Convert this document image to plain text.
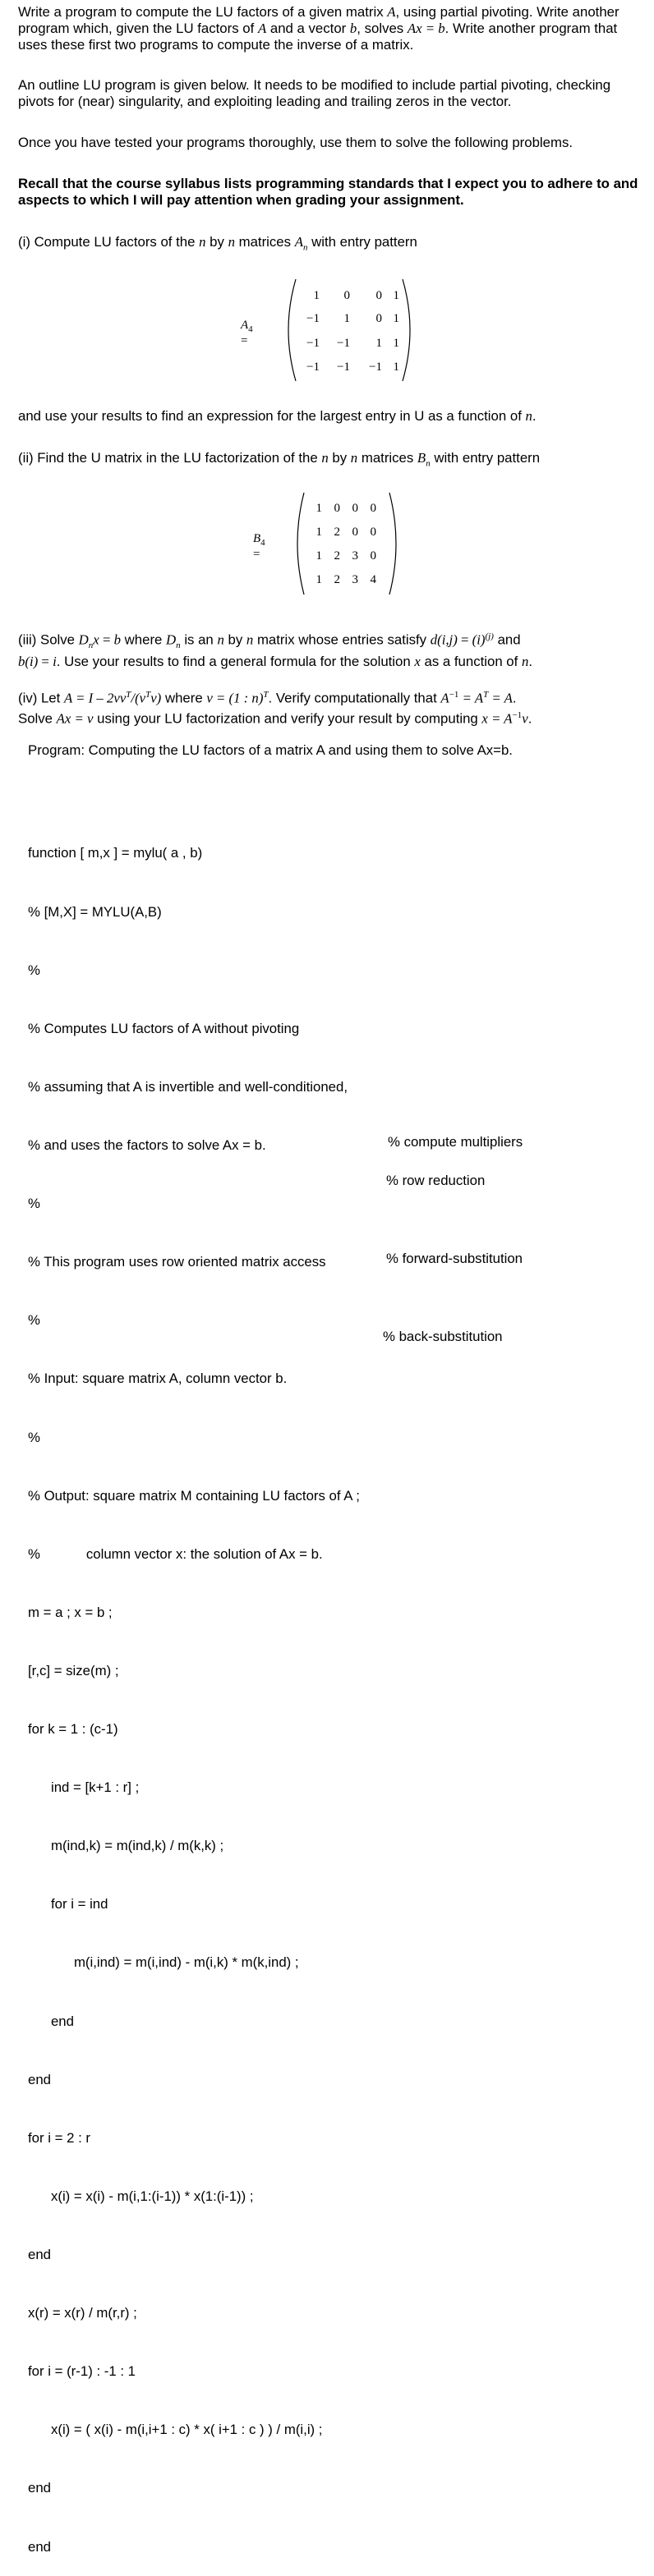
Write a program to compute the LU factors of a given matrix A, using partial pivoting. Write another program which, given the LU factors of A and a vector b, solves Ax = b. Write another program that uses these first two programs to compute the inverse of a matrix.
An outline LU program is given below. It needs to be modified to include partial pivoting, checking pivots for (near) singularity, and exploiting leading and trailing zeros in the vector.
Once you have tested your programs thoroughly, use them to solve the following problems.
Recall that the course syllabus lists programming standards that I expect you to adhere to and aspects to which I will pay attention when grading your assignment.
(i) Compute LU factors of the n by n matrices $A_n$ with entry pattern
$A_4$ =
1	0	0 1
−1	1	0 1
−1	−1	1 1
−1	−1	−1 1
and use your results to find an expression for the largest entry in U as a function of n.
(ii) Find the U matrix in the LU factorization of the n by n matrices $B_n$ with entry pattern
$B_4$ =
1 0 0 0
1 2 0 0
1 2 3 0
1 2 3 4
(iii) Solve $D_nx = b$ where $D_n$ is an n by n matrix whose entries satisfy $d(i,j) = (i)^{(j)}$ and
b(i) = i. Use your results to find a general formula for the solution x as a function of n.
(iv) Let $A = I - 2vv^T/(v^Tv)$ where v = (1 : n)$^T$. Verify computationally that $A^{-1} = A^T = A$.
Solve Ax = v using your LU factorization and verify your result by computing $x = A^{-1}v$.
Program: Computing the LU factors of a matrix A and using them to solve Ax=b.

function [ m,x ] = mylu( a , b)

% [M,X] = MYLU(A,B)

%

% Computes LU factors of A without pivoting

% assuming that A is invertible and well-conditioned,

% and uses the factors to solve Ax = b.

%

% This program uses row oriented matrix access

%

% Input: square matrix A, column vector b.

%

% Output: square matrix M containing LU factors of A ;

%            column vector x: the solution of Ax = b.

m = a ; x = b ;

[r,c] = size(m) ;

for k = 1 : (c-1)

ind = [k+1 : r] ;

m(ind,k) = m(ind,k) / m(k,k) ;

for i = ind

m(i,ind) = m(i,ind) - m(i,k) * m(k,ind) ;

end

end

for i = 2 : r

x(i) = x(i) - m(i,1:(i-1)) * x(1:(i-1)) ;

end

x(r) = x(r) / m(r,r) ;

for i = (r-1) : -1 : 1

x(i) = ( x(i) - m(i,i+1 : c) * x( i+1 : c ) ) / m(i,i) ;

end

end

% compute multipliers
% row reduction
% forward-substitution
% back-substitution
